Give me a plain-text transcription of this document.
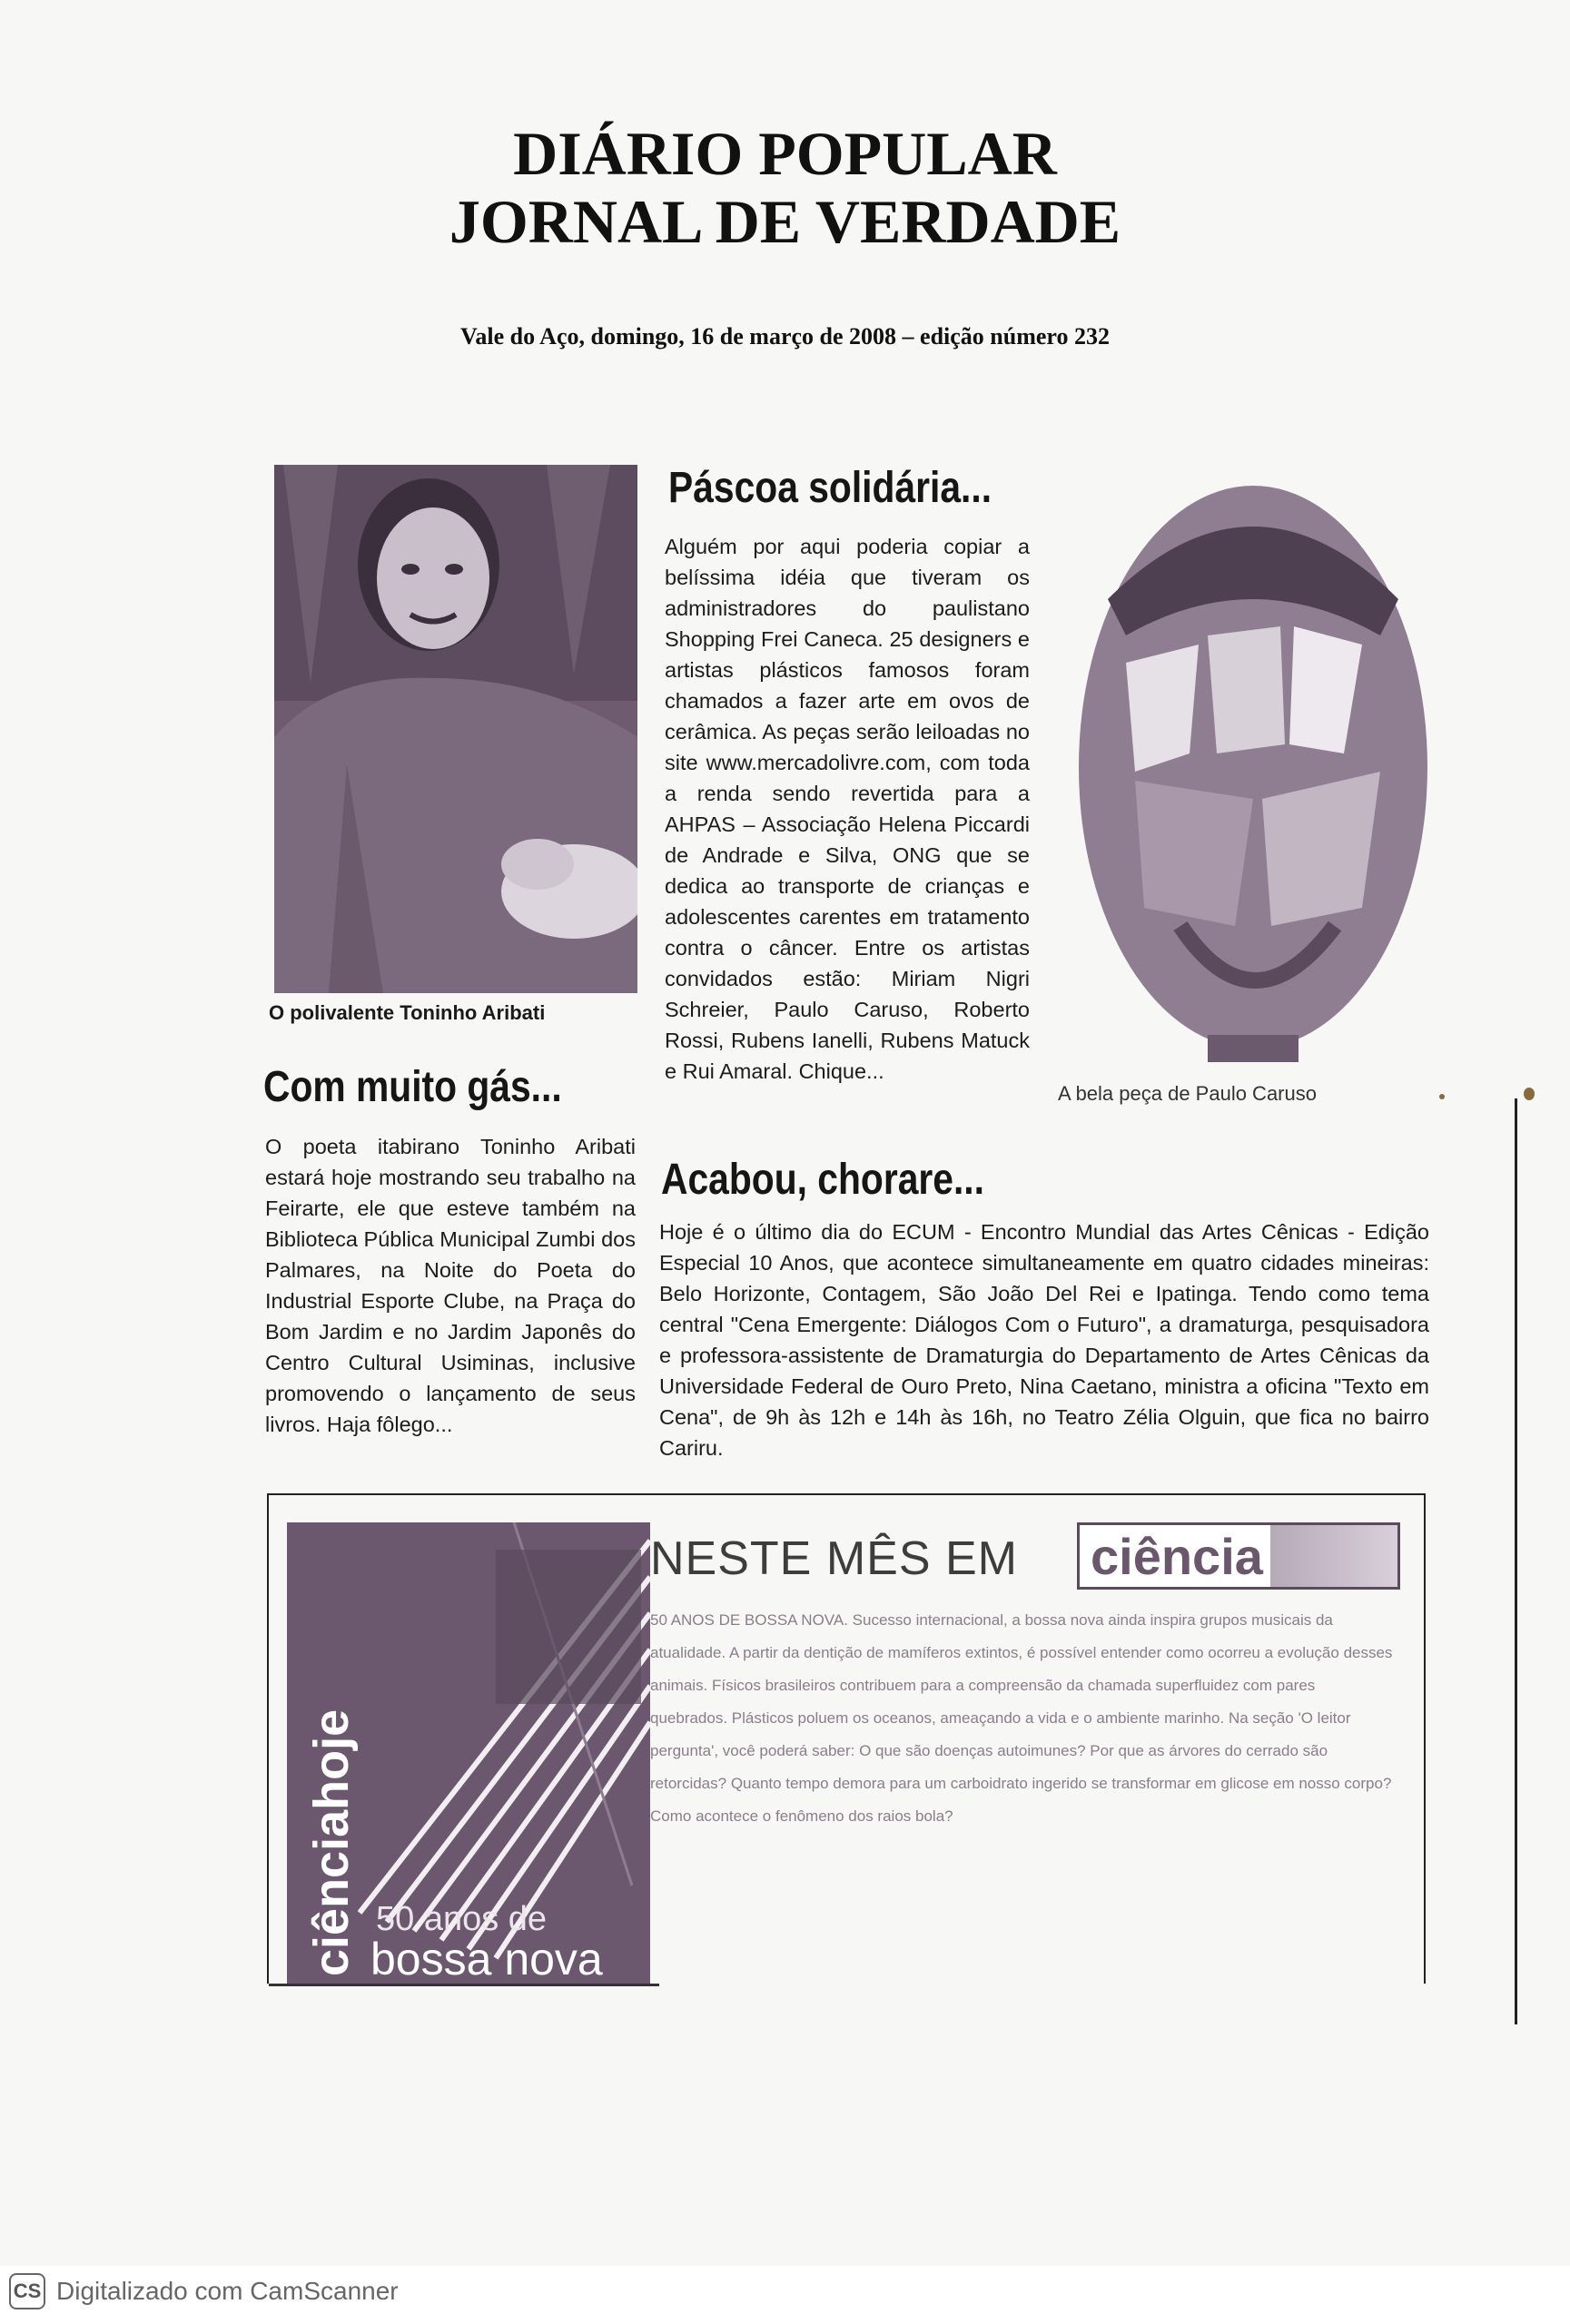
DIÁRIO POPULAR
JORNAL DE VERDADE
Vale do Aço, domingo, 16 de março de 2008 – edição número 232
O polivalente Toninho Aribati
Páscoa solidária...

Alguém por aqui poderia copiar a belíssima idéia que tiveram os administradores do paulistano Shopping Frei Caneca. 25 designers e artistas plásticos famosos foram chamados a fazer arte em ovos de cerâmica. As peças serão leiloadas no site www.mercadolivre.com, com toda a renda sendo revertida para a AHPAS – Associação Helena Piccardi de Andrade e Silva, ONG que se dedica ao transporte de crianças e adolescentes carentes em tratamento contra o câncer. Entre os artistas convidados estão: Miriam Nigri Schreier, Paulo Caruso, Roberto Rossi, Rubens Ianelli, Rubens Matuck e Rui Amaral. Chique...

A bela peça de Paulo Caruso
Com muito gás...

O poeta itabirano Toninho Aribati estará hoje mostrando seu trabalho na Feirarte, ele que esteve também na Biblioteca Pública Municipal Zumbi dos Palmares, na Noite do Poeta do Industrial Esporte Clube, na Praça do Bom Jardim e no Jardim Japonês do Centro Cultural Usiminas, inclusive promovendo o lançamento de seus livros. Haja fôlego...

Acabou, chorare...

Hoje é o último dia do ECUM - Encontro Mundial das Artes Cênicas - Edição Especial 10 Anos, que acontece simultaneamente em quatro cidades mineiras: Belo Horizonte, Contagem, São João Del Rei e Ipatinga. Tendo como tema central "Cena Emergente: Diálogos Com o Futuro", a dramaturga, pesquisadora e professora-assistente de Dramaturgia do Departamento de Artes Cênicas da Universidade Federal de Ouro Preto, Nina Caetano, ministra a oficina "Texto em Cena", de 9h às 12h e 14h às 16h, no Teatro Zélia Olguin, que fica no bairro Cariru.

ciênciahoje 50 anos de
bossa nova
NESTE MÊS EM ciência

50 ANOS DE BOSSA NOVA. Sucesso internacional, a bossa nova ainda inspira grupos musicais da atualidade. A partir da dentição de mamíferos extintos, é possível entender como ocorreu a evolução desses animais. Físicos brasileiros contribuem para a compreensão da chamada superfluidez com pares quebrados. Plásticos poluem os oceanos, ameaçando a vida e o ambiente marinho. Na seção 'O leitor pergunta', você poderá saber: O que são doenças autoimunes? Por que as árvores do cerrado são retorcidas? Quanto tempo demora para um carboidrato ingerido se transformar em glicose em nosso corpo? Como acontece o fenômeno dos raios bola?

CS Digitalizado com CamScanner
